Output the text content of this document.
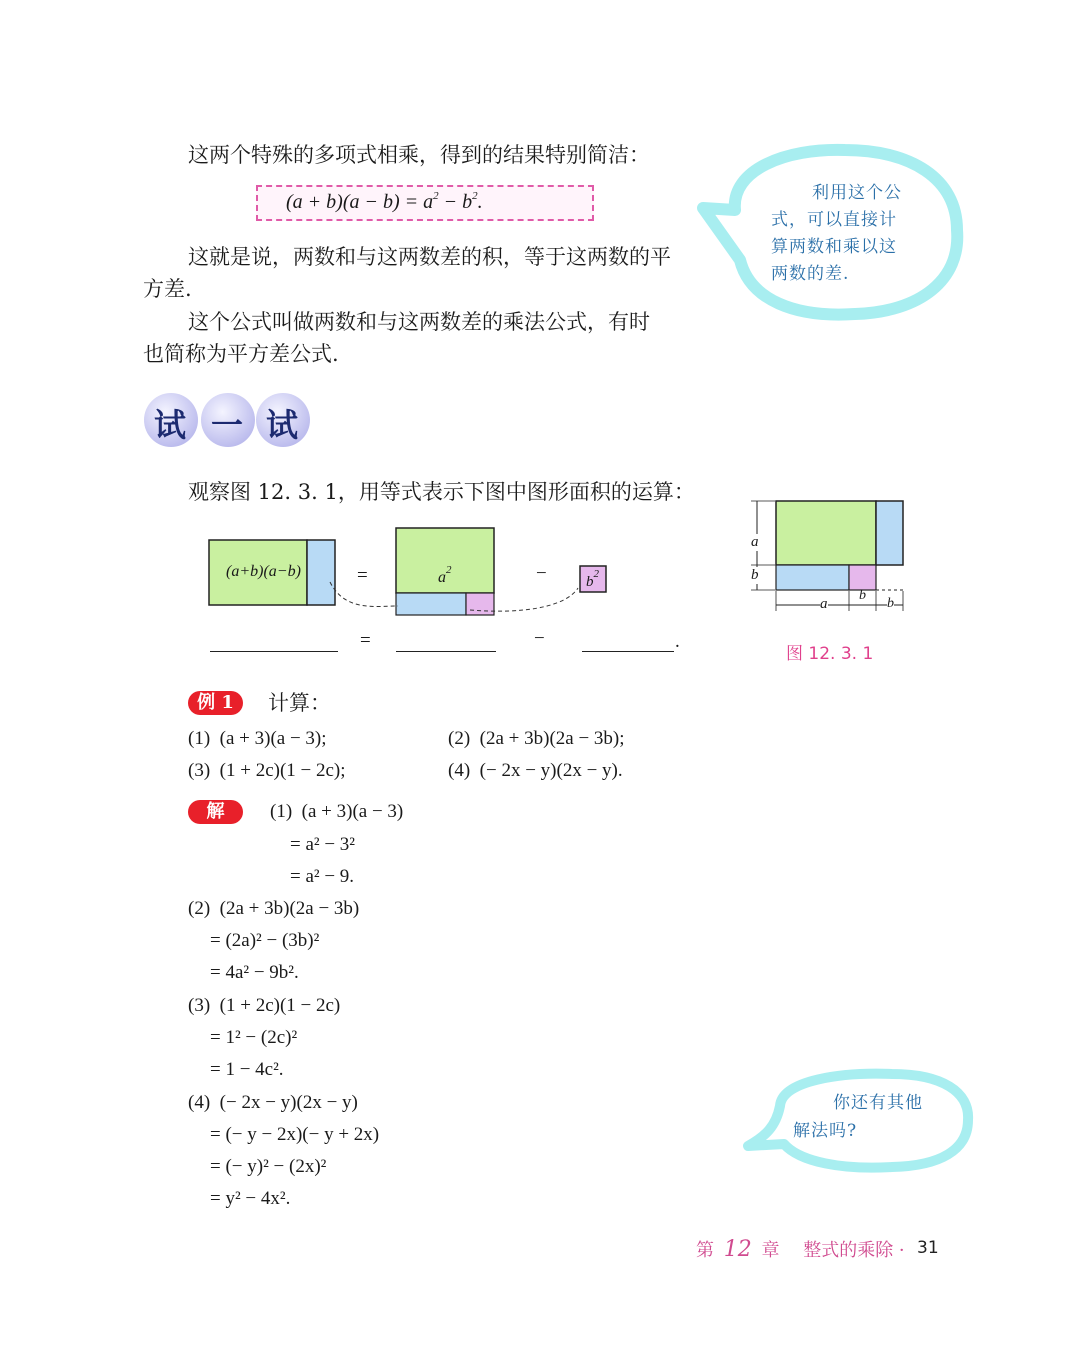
这两个特殊的多项式相乘，得到的结果特别简洁：
$(a + b)(a - b) = a^2 - b^2$.
这就是说，两数和与这两数差的积，等于这两数的平
方差.
这个公式叫做两数和与这两数差的乘法公式，有时
也简称为平方差公式.
利用这个公
式，可以直接计
算两数和乘以这
两数的差.
试 一 试
观察图 12. 3. 1，用等式表示下图中图形面积的运算：
(a+b)(a−b)	=	$a^2$	−	$b^2$
=	−	.
a
b
a
b
b
图 12. 3. 1
例 1	计算：
(1)  (a + 3)(a − 3);	(2)  (2a + 3b)(2a − 3b);
(3)  (1 + 2c)(1 − 2c);	(4)  (− 2x − y)(2x − y).
解	(1)  (a + 3)(a − 3)
= a² − 3²
= a² − 9.
(2)  (2a + 3b)(2a − 3b)
= (2a)² − (3b)²
= 4a² − 9b².
(3)  (1 + 2c)(1 − 2c)
= 1² − (2c)²
= 1 − 4c².
(4)  (− 2x − y)(2x − y)
= (− y − 2x)(− y + 2x)
= (− y)² − (2x)²
= y² − 4x².
你还有其他
解法吗?
第 12 章 整式的乘除 · 31
